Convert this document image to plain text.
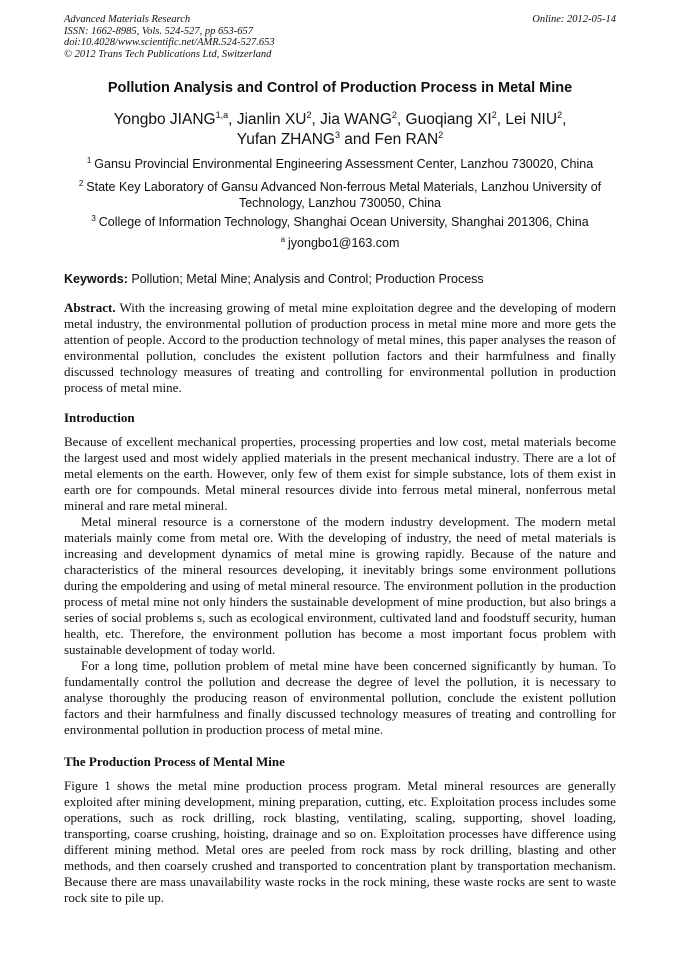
Advanced Materials Research
ISSN: 1662-8985, Vols. 524-527, pp 653-657
doi:10.4028/www.scientific.net/AMR.524-527.653
© 2012 Trans Tech Publications Ltd, Switzerland
Online: 2012-05-14
Pollution Analysis and Control of Production Process in Metal Mine
Yongbo JIANG$^{1,a}$, Jianlin $XU^2$, Jia WANG$^2$, Guoqiang $XI^2$, Lei NIU$^2$,
Yufan ZHANG$^3$ and Fen RAN$^2$
$^1$ Gansu Provincial Environmental Engineering Assessment Center, Lanzhou 730020, China
$^2$ State Key Laboratory of Gansu Advanced Non-ferrous Metal Materials, Lanzhou University of Technology, Lanzhou 730050, China
$^3$ College of Information Technology, Shanghai Ocean University, Shanghai 201306, China
$^a$ jyongbo1@163.com
Keywords: Pollution; Metal Mine; Analysis and Control; Production Process

Abstract. With the increasing growing of metal mine exploitation degree and the developing of modern metal industry, the environmental pollution of production process in metal mine more and more gets the attention of people. Accord to the production technology of metal mines, this paper analyses the reason of environmental pollution, concludes the existent pollution factors and their harmfulness and finally discussed technology measures of treating and controlling for environmental pollution in production process of metal mine.

Introduction

Because of excellent mechanical properties, processing properties and low cost, metal materials become the largest used and most widely applied materials in the present mechanical industry. There are a lot of metal elements on the earth. However, only few of them exist for simple substance, lots of them exist in earth ore for compounds. Metal mineral resources divide into ferrous metal mineral, nonferrous metal mineral and rare metal mineral.

Metal mineral resource is a cornerstone of the modern industry development. The modern metal materials mainly come from metal ore. With the developing of industry, the need of metal materials is increasing and development dynamics of metal mine is growing rapidly. Because of the nature and characteristics of the mineral resources developing, it inevitably brings some environment pollutions during the empoldering and using of metal mineral resource. The environment pollution in the production process of metal mine not only hinders the sustainable development of mine production, but also brings a series of social problems s, such as ecological environment, cultivated land and foodstuff security, human health, etc. Therefore, the environment pollution has become a most important focus problem with sustainable development of today world.

For a long time, pollution problem of metal mine have been concerned significantly by human. To fundamentally control the pollution and decrease the degree of level the pollution, it is necessary to analyse thoroughly the producing reason of environmental pollution, conclude the existent pollution factors and their harmfulness and finally discussed technology measures of treating and controlling for environmental pollution in production process of metal mine.

The Production Process of Mental Mine

Figure 1 shows the metal mine production process program. Metal mineral resources are generally exploited after mining development, mining preparation, cutting, etc. Exploitation process includes some operations, such as rock drilling, rock blasting, ventilating, scaling, supporting, shovel loading, transporting, coarse crushing, hoisting, drainage and so on. Exploitation processes have difference using different mining method. Metal ores are peeled from rock mass by rock drilling, blasting and other methods, and then coarsely crushed and transported to concentration plant by transportation mechanism. Because there are mass unavailability waste rocks in the rock mining, these waste rocks are sent to waste rock site to pile up.
